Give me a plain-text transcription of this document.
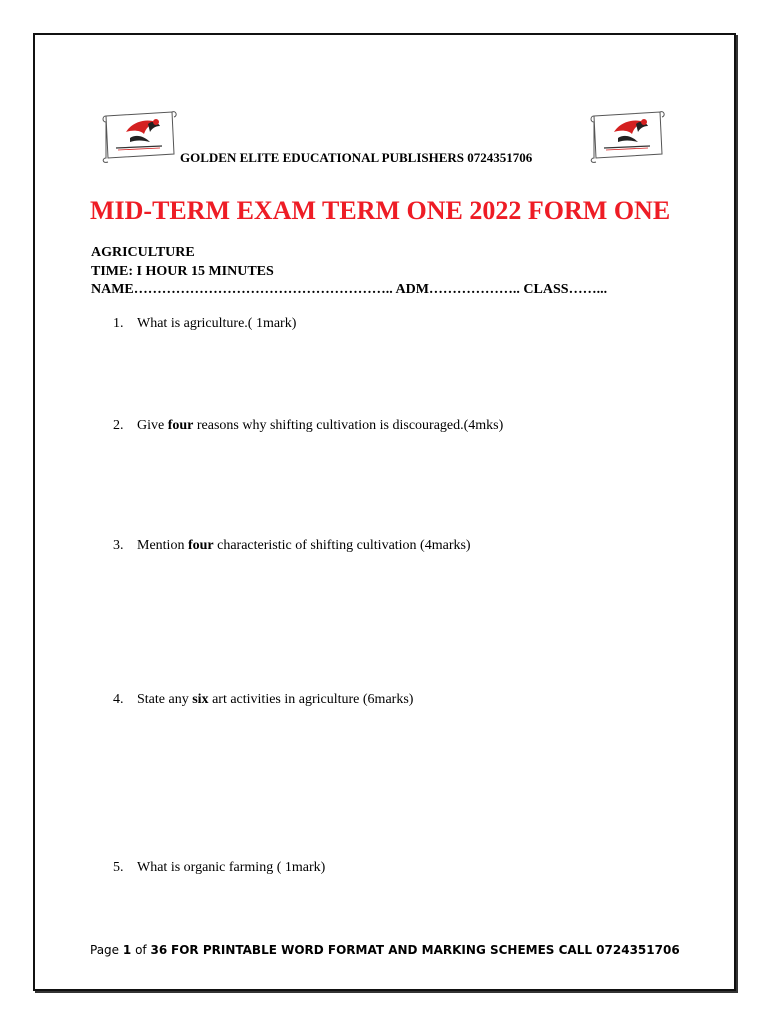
GOLDEN ELITE EDUCATIONAL PUBLISHERS 0724351706
MID-TERM EXAM TERM ONE 2022 FORM ONE
AGRICULTURE
TIME: I HOUR 15 MINUTES
NAME……………………………………………….. ADM……………….. CLASS……...
1. What is agriculture.( 1mark)
2. Give four reasons why shifting cultivation is discouraged.(4mks)
3. Mention four characteristic of shifting cultivation (4marks)
4. State any six art activities in agriculture (6marks)
5. What is organic farming ( 1mark)
Page 1 of 36 FOR PRINTABLE WORD FORMAT AND MARKING SCHEMES CALL 0724351706
